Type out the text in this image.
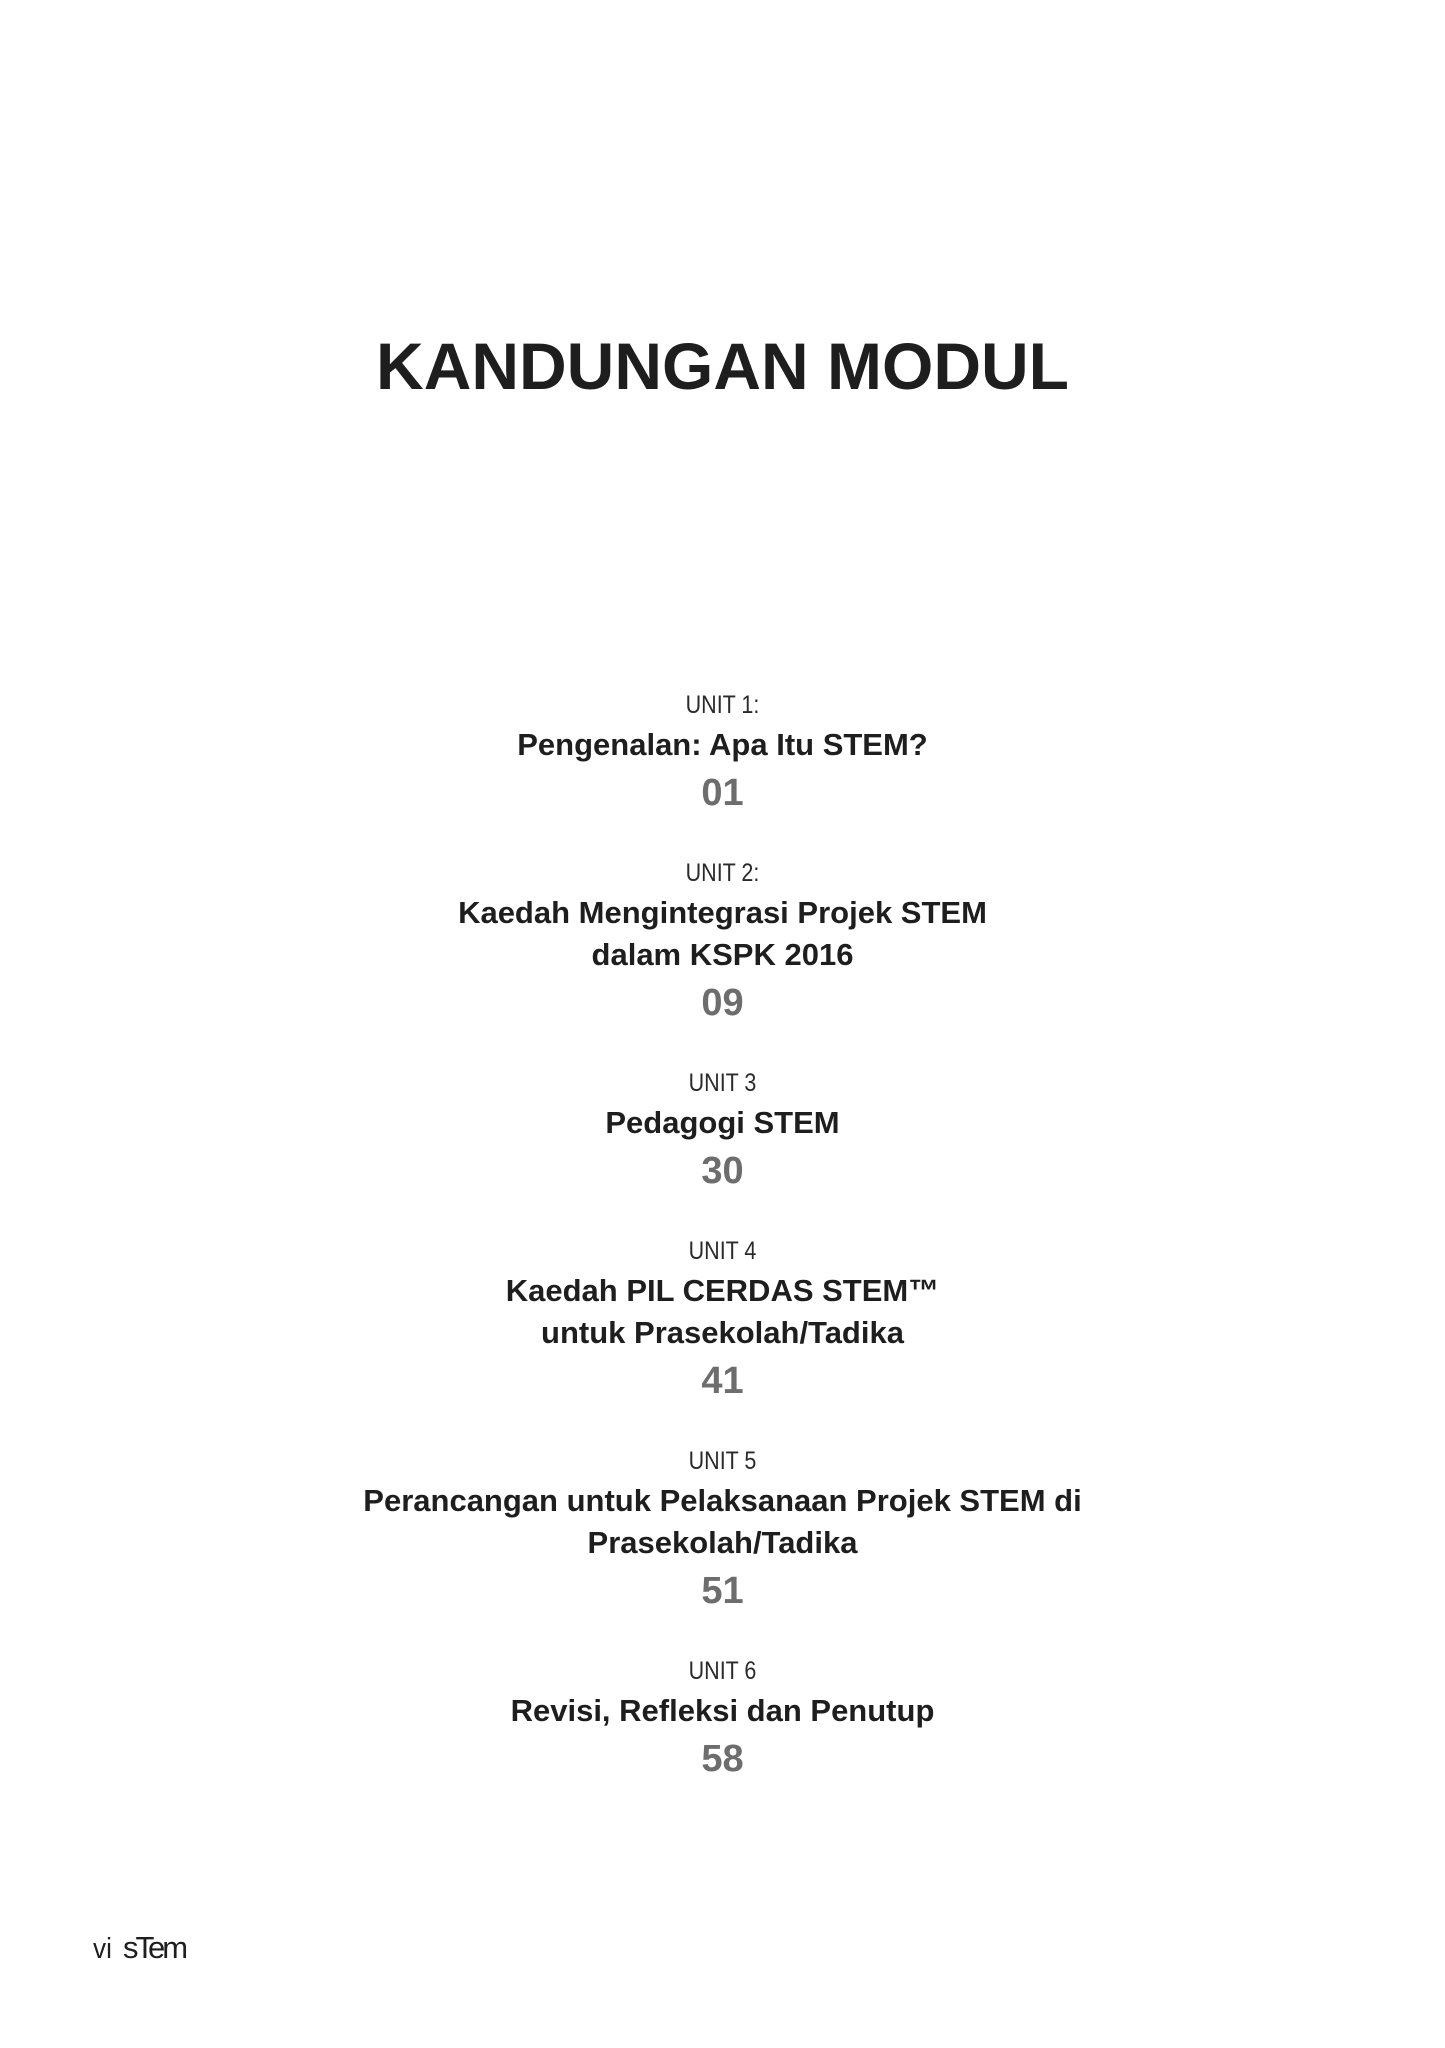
KANDUNGAN MODUL
UNIT 1:
Pengenalan: Apa Itu STEM?
01
UNIT 2:
Kaedah Mengintegrasi Projek STEM
dalam KSPK 2016
09
UNIT 3
Pedagogi STEM
30
UNIT 4
Kaedah PIL CERDAS STEM™
untuk Prasekolah/Tadika
41
UNIT 5
Perancangan untuk Pelaksanaan Projek STEM di
Prasekolah/Tadika
51
UNIT 6
Revisi, Refleksi dan Penutup
58
vi sTem
